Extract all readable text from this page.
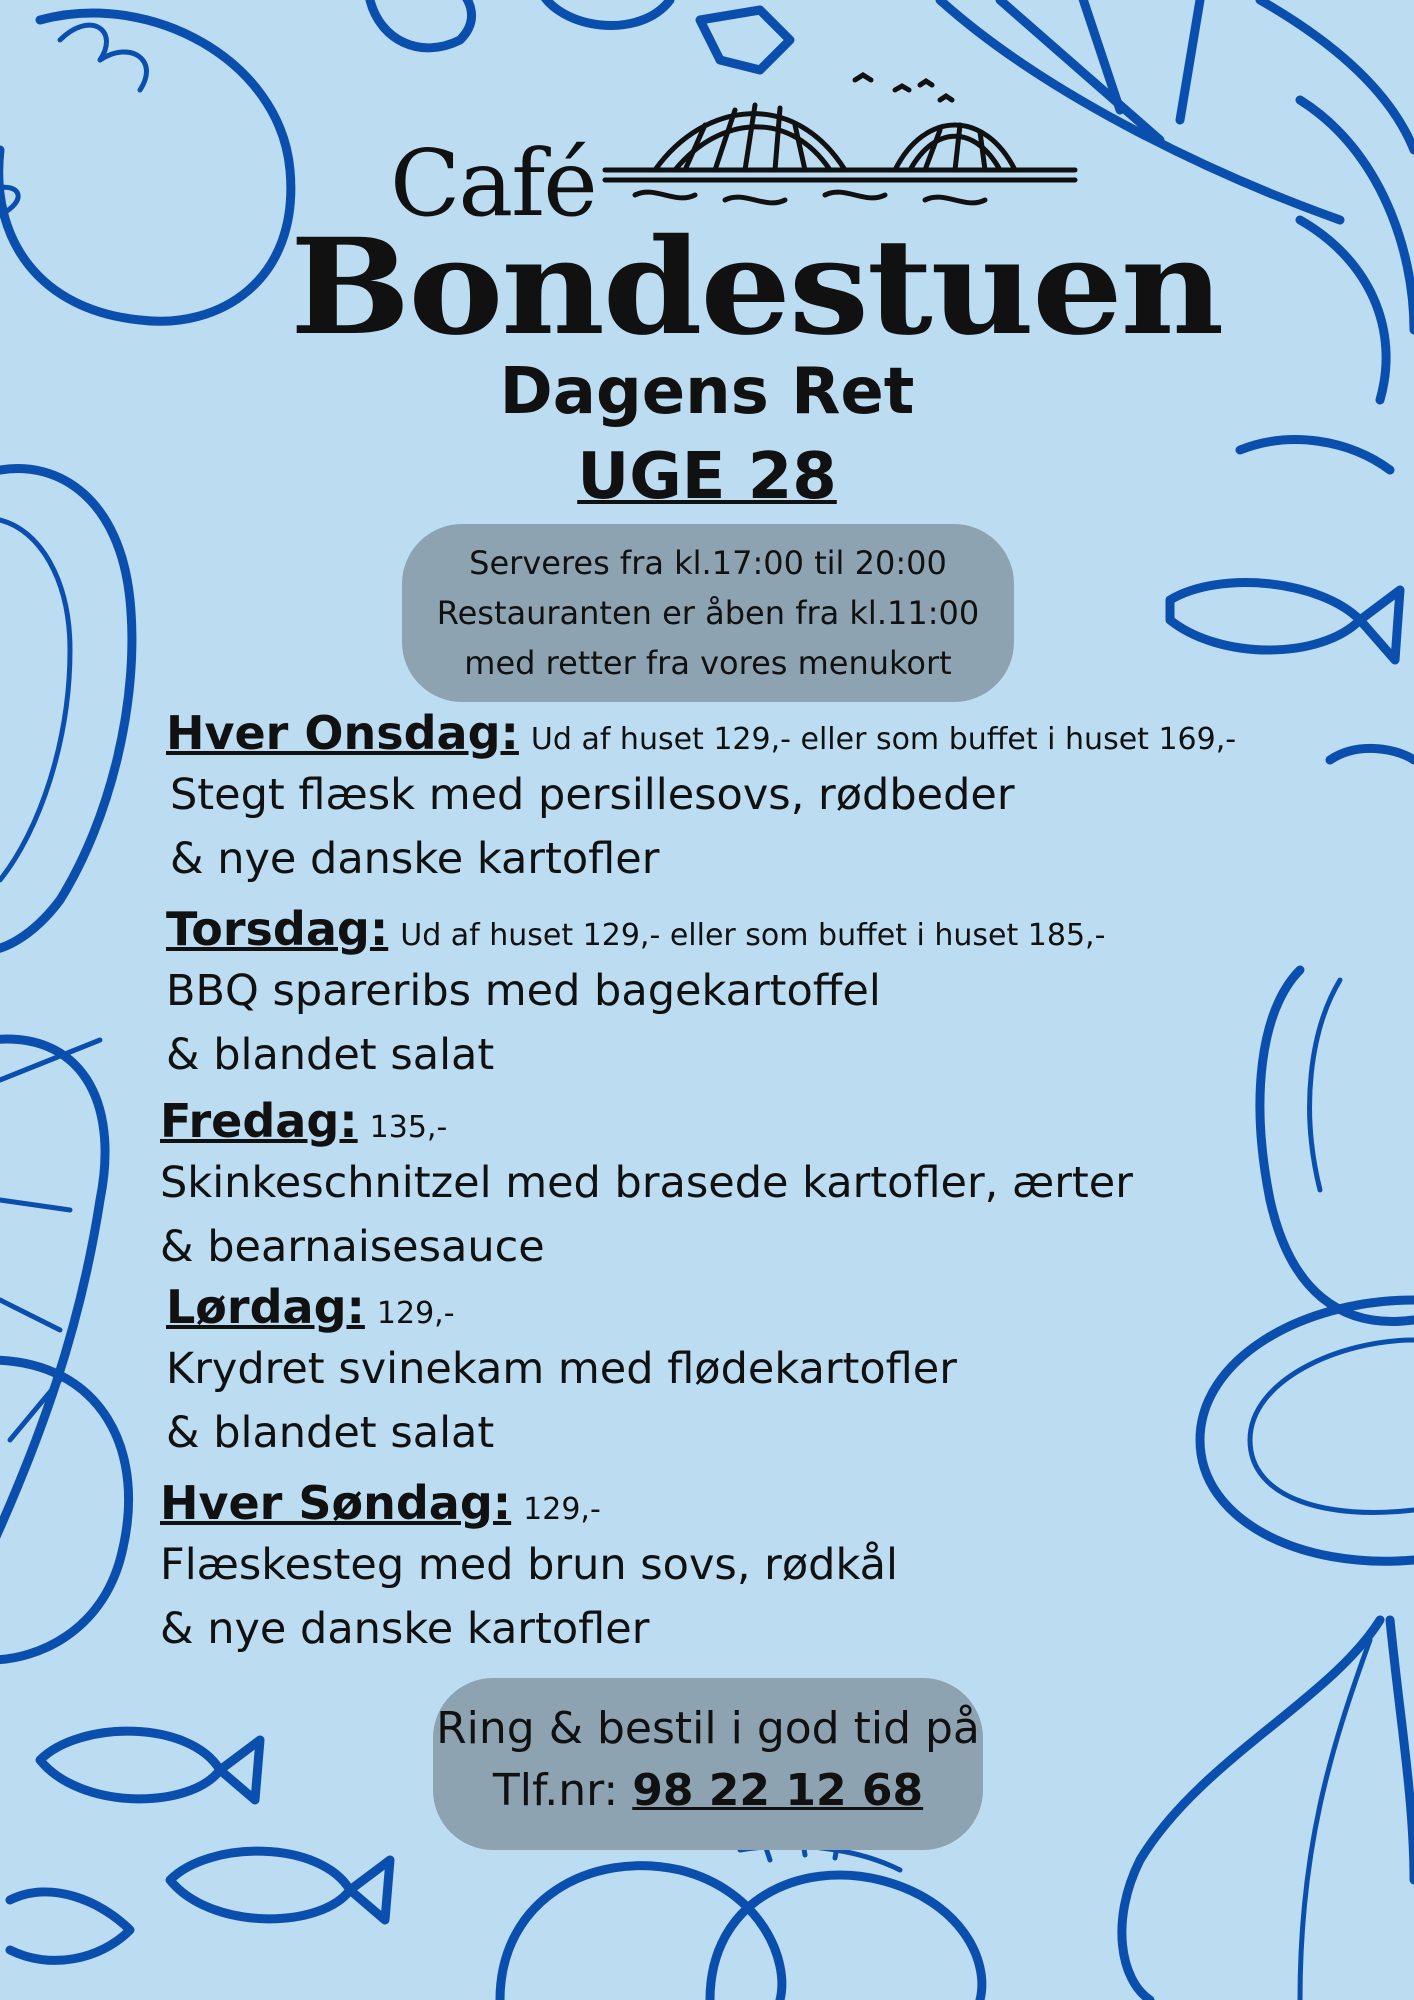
Café
Bondestuen
Dagens Ret
UGE 28
Serveres fra kl.17:00 til 20:00
Restauranten er åben fra kl.11:00
med retter fra vores menukort
Hver Onsdag: Ud af huset 129,- eller som buffet i huset 169,-
Stegt flæsk med persillesovs, rødbeder
& nye danske kartofler
Torsdag: Ud af huset 129,- eller som buffet i huset 185,-
BBQ spareribs med bagekartoffel
& blandet salat
Fredag: 135,-
Skinkeschnitzel med brasede kartofler, ærter
& bearnaisesauce
Lørdag: 129,-
Krydret svinekam med flødekartofler
& blandet salat
Hver Søndag: 129,-
Flæskesteg med brun sovs, rødkål
& nye danske kartofler
Ring & bestil i god tid på
Tlf.nr: 98 22 12 68
